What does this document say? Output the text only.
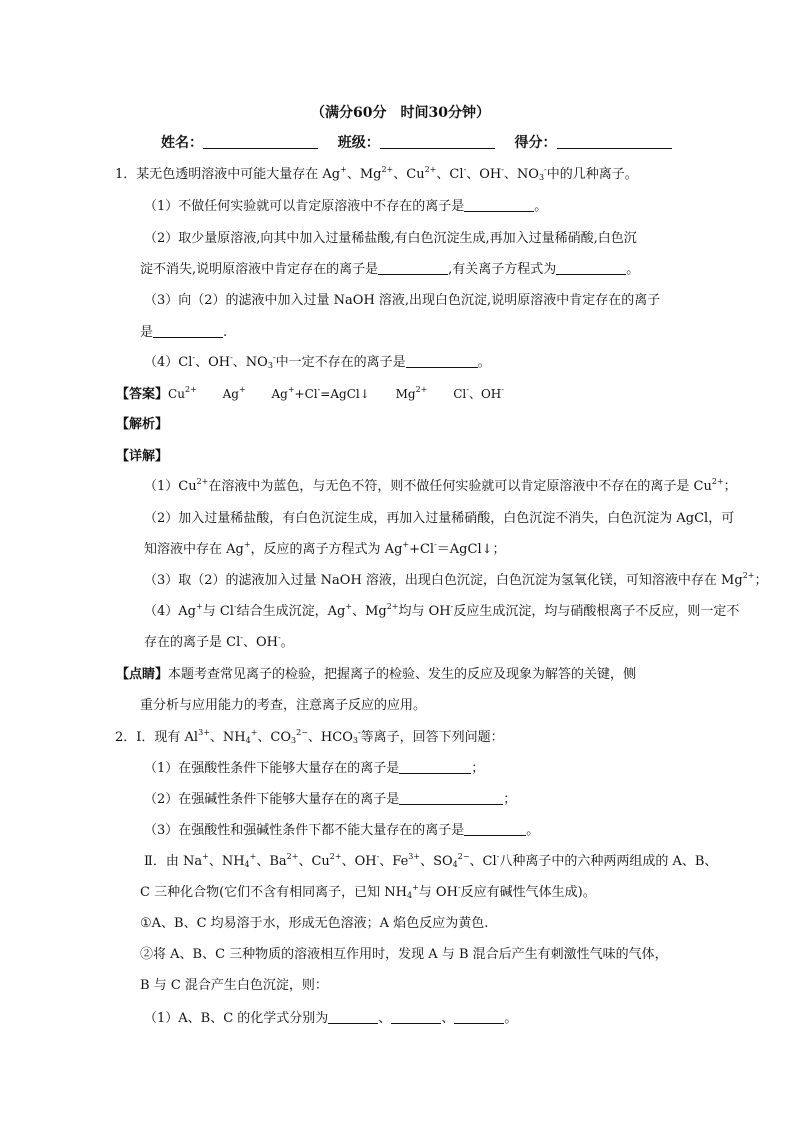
（满分60分　时间30分钟）
姓名：	班级：	得分：
1．某无色透明溶液中可能大量存在 Ag+、$Mg^{2+}$、$Cu^{2+}$、Cl-、OH-、$NO_3^-$中的几种离子。
（1）不做任何实验就可以肯定原溶液中不存在的离子是	。
（2）取少量原溶液,向其中加入过量稀盐酸,有白色沉淀生成,再加入过量稀硝酸,白色沉
淀不消失,说明原溶液中肯定存在的离子是	,有关离子方程式为	。
（3）向（2）的滤液中加入过量 NaOH 溶液,出现白色沉淀,说明原溶液中肯定存在的离子
是	.
（4）Cl-、OH-、$NO_3^-$中一定不存在的离子是	。
【答案】$Cu^{2+}$ Ag+ Ag++Cl-=AgCl↓ $Mg^{2+}$ Cl-、OH-
【解析】
【详解】
$(1)Cu^{2+}$在溶液中为蓝色，与无色不符，则不做任何实验就可以肯定原溶液中不存在的离子是 $Cu^{2+}$；
（2）加入过量稀盐酸，有白色沉淀生成，再加入过量稀硝酸，白色沉淀不消失，白色沉淀为 AgCl，可
知溶液中存在 Ag+，反应的离子方程式为 Ag++Cl-＝AgCl↓；
（3）取（2）的滤液加入过量 NaOH 溶液，出现白色沉淀，白色沉淀为氢氧化镁，可知溶液中存在 $Mg^{2+}$；
（4）Ag+与 Cl-结合生成沉淀，Ag+、$Mg^{2+}$均与 OH-反应生成沉淀，均与硝酸根离子不反应，则一定不
存在的离子是 Cl-、OH-。
【点睛】本题考查常见离子的检验，把握离子的检验、发生的反应及现象为解答的关键，侧
重分析与应用能力的考查，注意离子反应的应用。
2．Ⅰ．现有 $Al^{3+}$、$NH_4^+$、$CO_3^{2-}$、$HCO_3^-$等离子，回答下列问题：
（1）在强酸性条件下能够大量存在的离子是	；
（2）在强碱性条件下能够大量存在的离子是	；
（3）在强酸性和强碱性条件下都不能大量存在的离子是	。
Ⅱ．由 Na+、$NH_4^+$、$Ba^{2+}$、$Cu^{2+}$、OH-、$Fe^{3+}$、$SO_4^{2-}$、Cl-八种离子中的六种两两组成的 A、B、
C 三种化合物(它们不含有相同离子，已知 $NH_4^+$与 OH-反应有碱性气体生成)。
①A、B、C 均易溶于水，形成无色溶液；A 焰色反应为黄色.
②将 A、B、C 三种物质的溶液相互作用时，发现 A 与 B 混合后产生有刺激性气味的气体，
B 与 C 混合产生白色沉淀，则：
（1）A、B、C 的化学式分别为	、	、	。
